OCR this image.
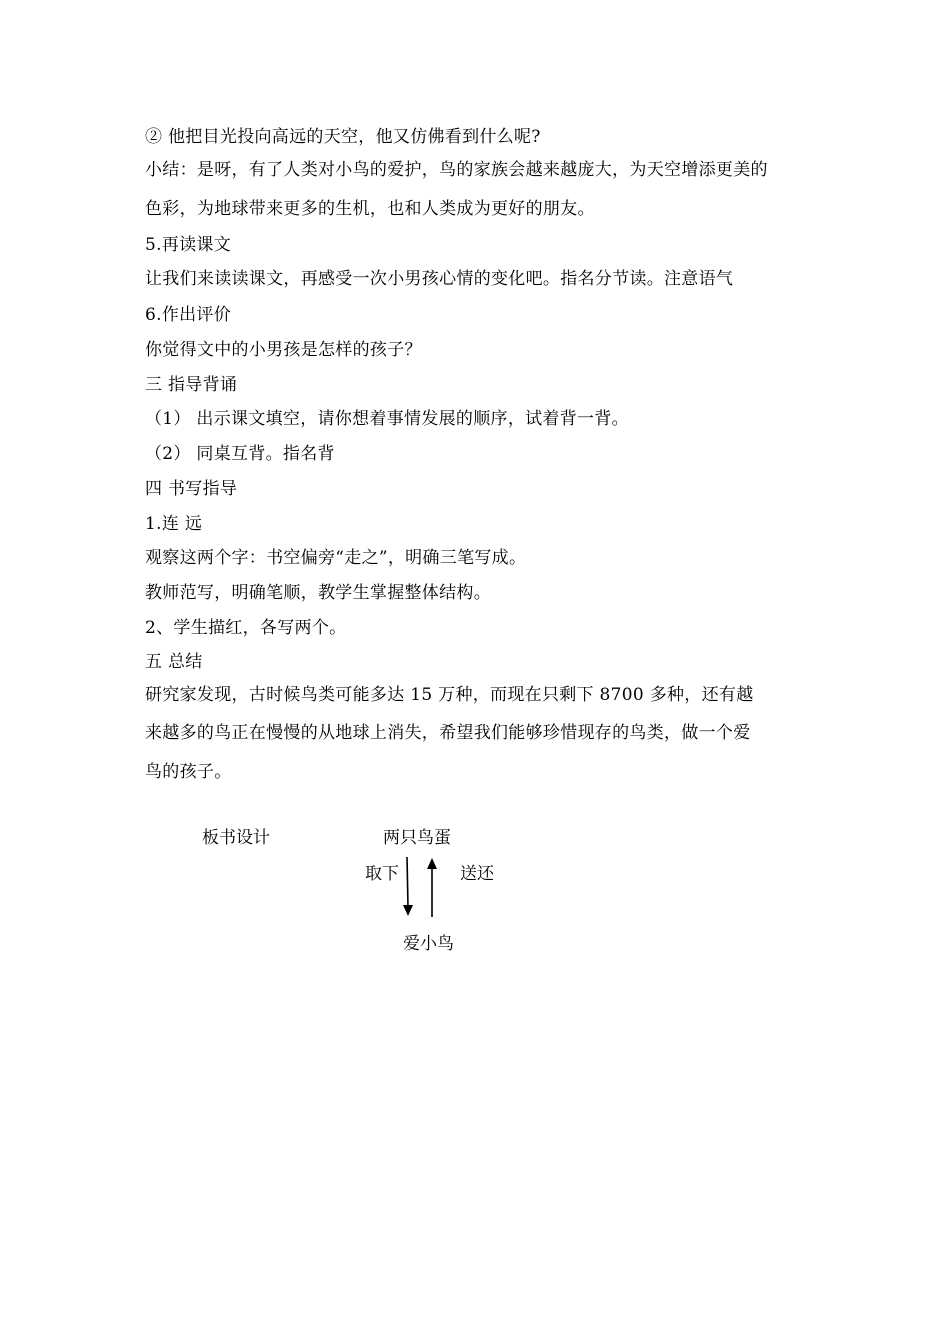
② 他把目光投向高远的天空，他又仿佛看到什么呢?
小结：是呀，有了人类对小鸟的爱护，鸟的家族会越来越庞大，为天空增添更美的
色彩，为地球带来更多的生机，也和人类成为更好的朋友。
5.再读课文
让我们来读读课文，再感受一次小男孩心情的变化吧。指名分节读。注意语气
6.作出评价
你觉得文中的小男孩是怎样的孩子？
三 指导背诵
（1） 出示课文填空，请你想着事情发展的顺序，试着背一背。
（2） 同桌互背。指名背
四 书写指导
1.连 远
观察这两个字：书空偏旁“走之”，明确三笔写成。
教师范写，明确笔顺，教学生掌握整体结构。
2、学生描红，各写两个。
五 总结
研究家发现，古时候鸟类可能多达 15 万种，而现在只剩下 8700 多种，还有越
来越多的鸟正在慢慢的从地球上消失，希望我们能够珍惜现存的鸟类，做一个爱
鸟的孩子。
板书设计	两只鸟蛋
取下	送还
爱小鸟
